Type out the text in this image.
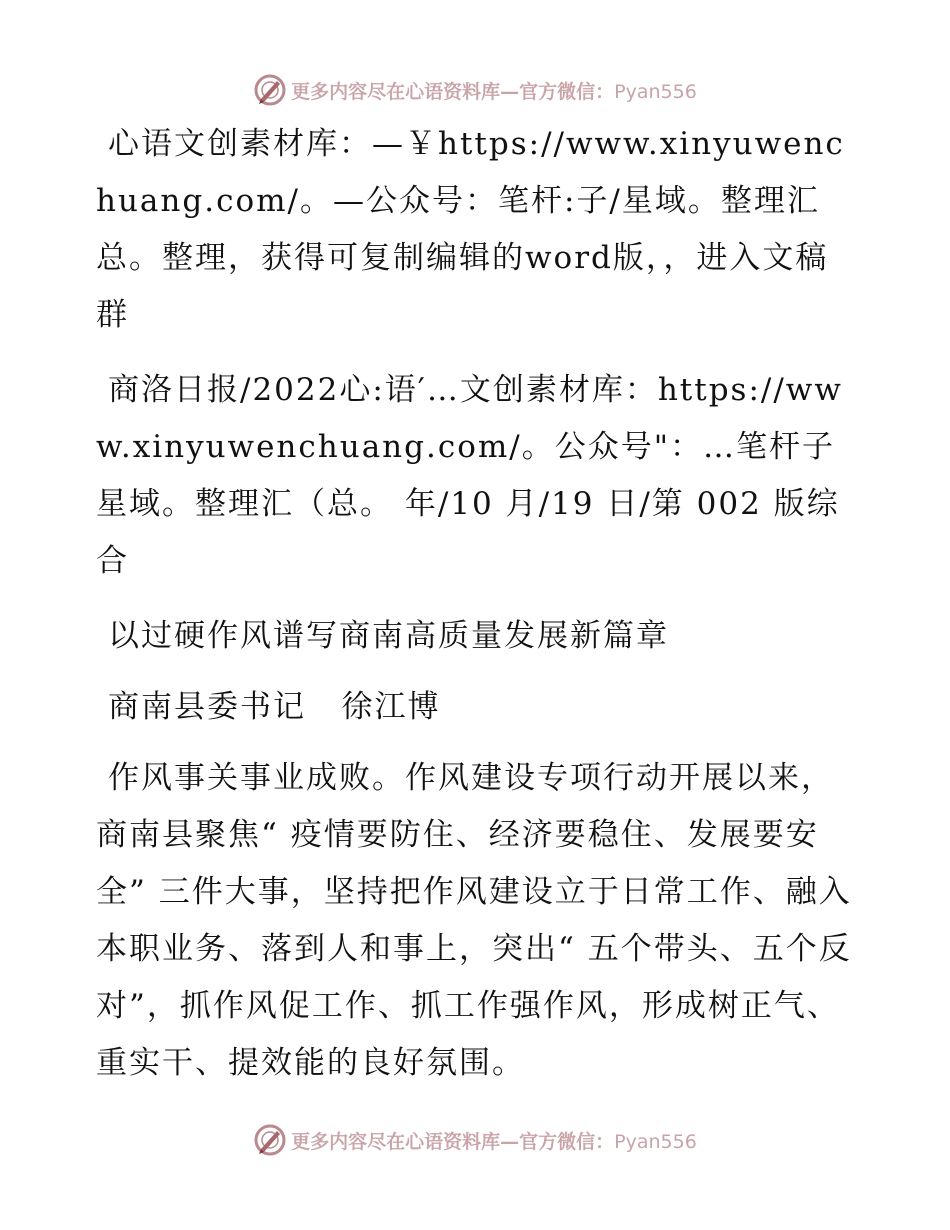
更多内容尽在心语资料库—官方微信：Pyan556

心语文创素材库：—￥https://www.xinyuwenchuang.com/。—公众号：笔杆:子/星域。整理汇总。整理，获得可复制编辑的word版，，进入文稿群

商洛日报/2022心:语′…文创素材库：https://www.xinyuwenchuang.com/。公众号"：…笔杆子星域。整理汇（总。 年/10 月/19 日/第 002 版综合

以过硬作风谱写商南高质量发展新篇章

商南县委书记   徐江博

作风事关事业成败。作风建设专项行动开展以来，商南县聚焦“ 疫情要防住、经济要稳住、发展要安全” 三件大事，坚持把作风建设立于日常工作、融入本职业务、落到人和事上，突出“ 五个带头、五个反对”，抓作风促工作、抓工作强作风，形成树正气、重实干、提效能的良好氛围。

更多内容尽在心语资料库—官方微信：Pyan556
